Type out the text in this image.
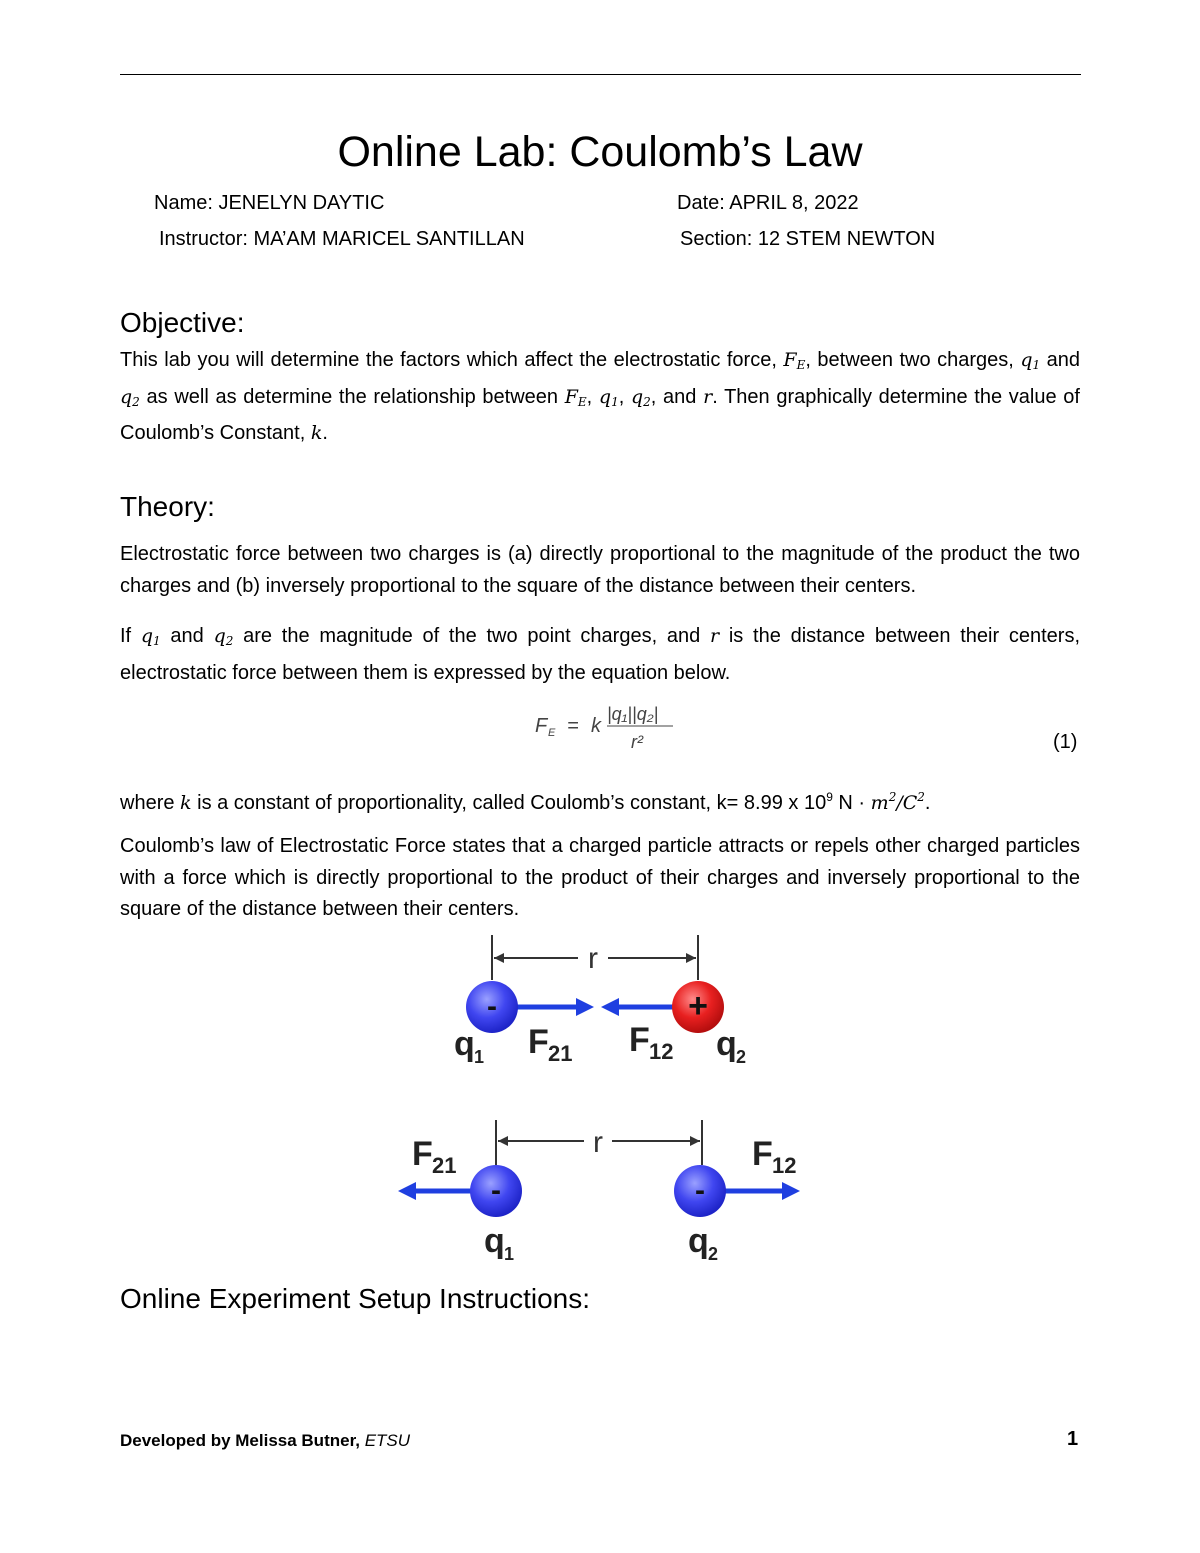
Online Lab: Coulomb’s Law
Name: JENELYN DAYTIC	Date: APRIL 8, 2022
Instructor: MA’AM MARICEL SANTILLAN	Section: 12 STEM NEWTON
Objective:
This lab you will determine the factors which affect the electrostatic force, $F_E$, between two charges, $q_1$ and $q_2$ as well as determine the relationship between $F_E$, $q_1$, $q_2$, and r. Then graphically determine the value of Coulomb’s Constant, k.
Theory:
Electrostatic force between two charges is (a) directly proportional to the magnitude of the product the two charges and (b) inversely proportional to the square of the distance between their centers.
If $q_1$ and $q_2$ are the magnitude of the two point charges, and r is the distance between their centers, electrostatic force between them is expressed by the equation below.
F E = k
|q₁||q₂|
r²	(1)
where k is a constant of proportionality, called Coulomb’s constant, k= 8.99 x $10^9$ $N \cdot m^2/C^2$.
Coulomb’s law of Electrostatic Force states that a charged particle attracts or repels other charged particles with a force which is directly proportional to the product of their charges and inversely proportional to the square of the distance between their centers.
r
-	+
q 1 F 21 F 12 q 2
r
-	-
F 21	F 12
q 1	q 2
Online Experiment Setup Instructions:
Developed by Melissa Butner, ETSU	1
